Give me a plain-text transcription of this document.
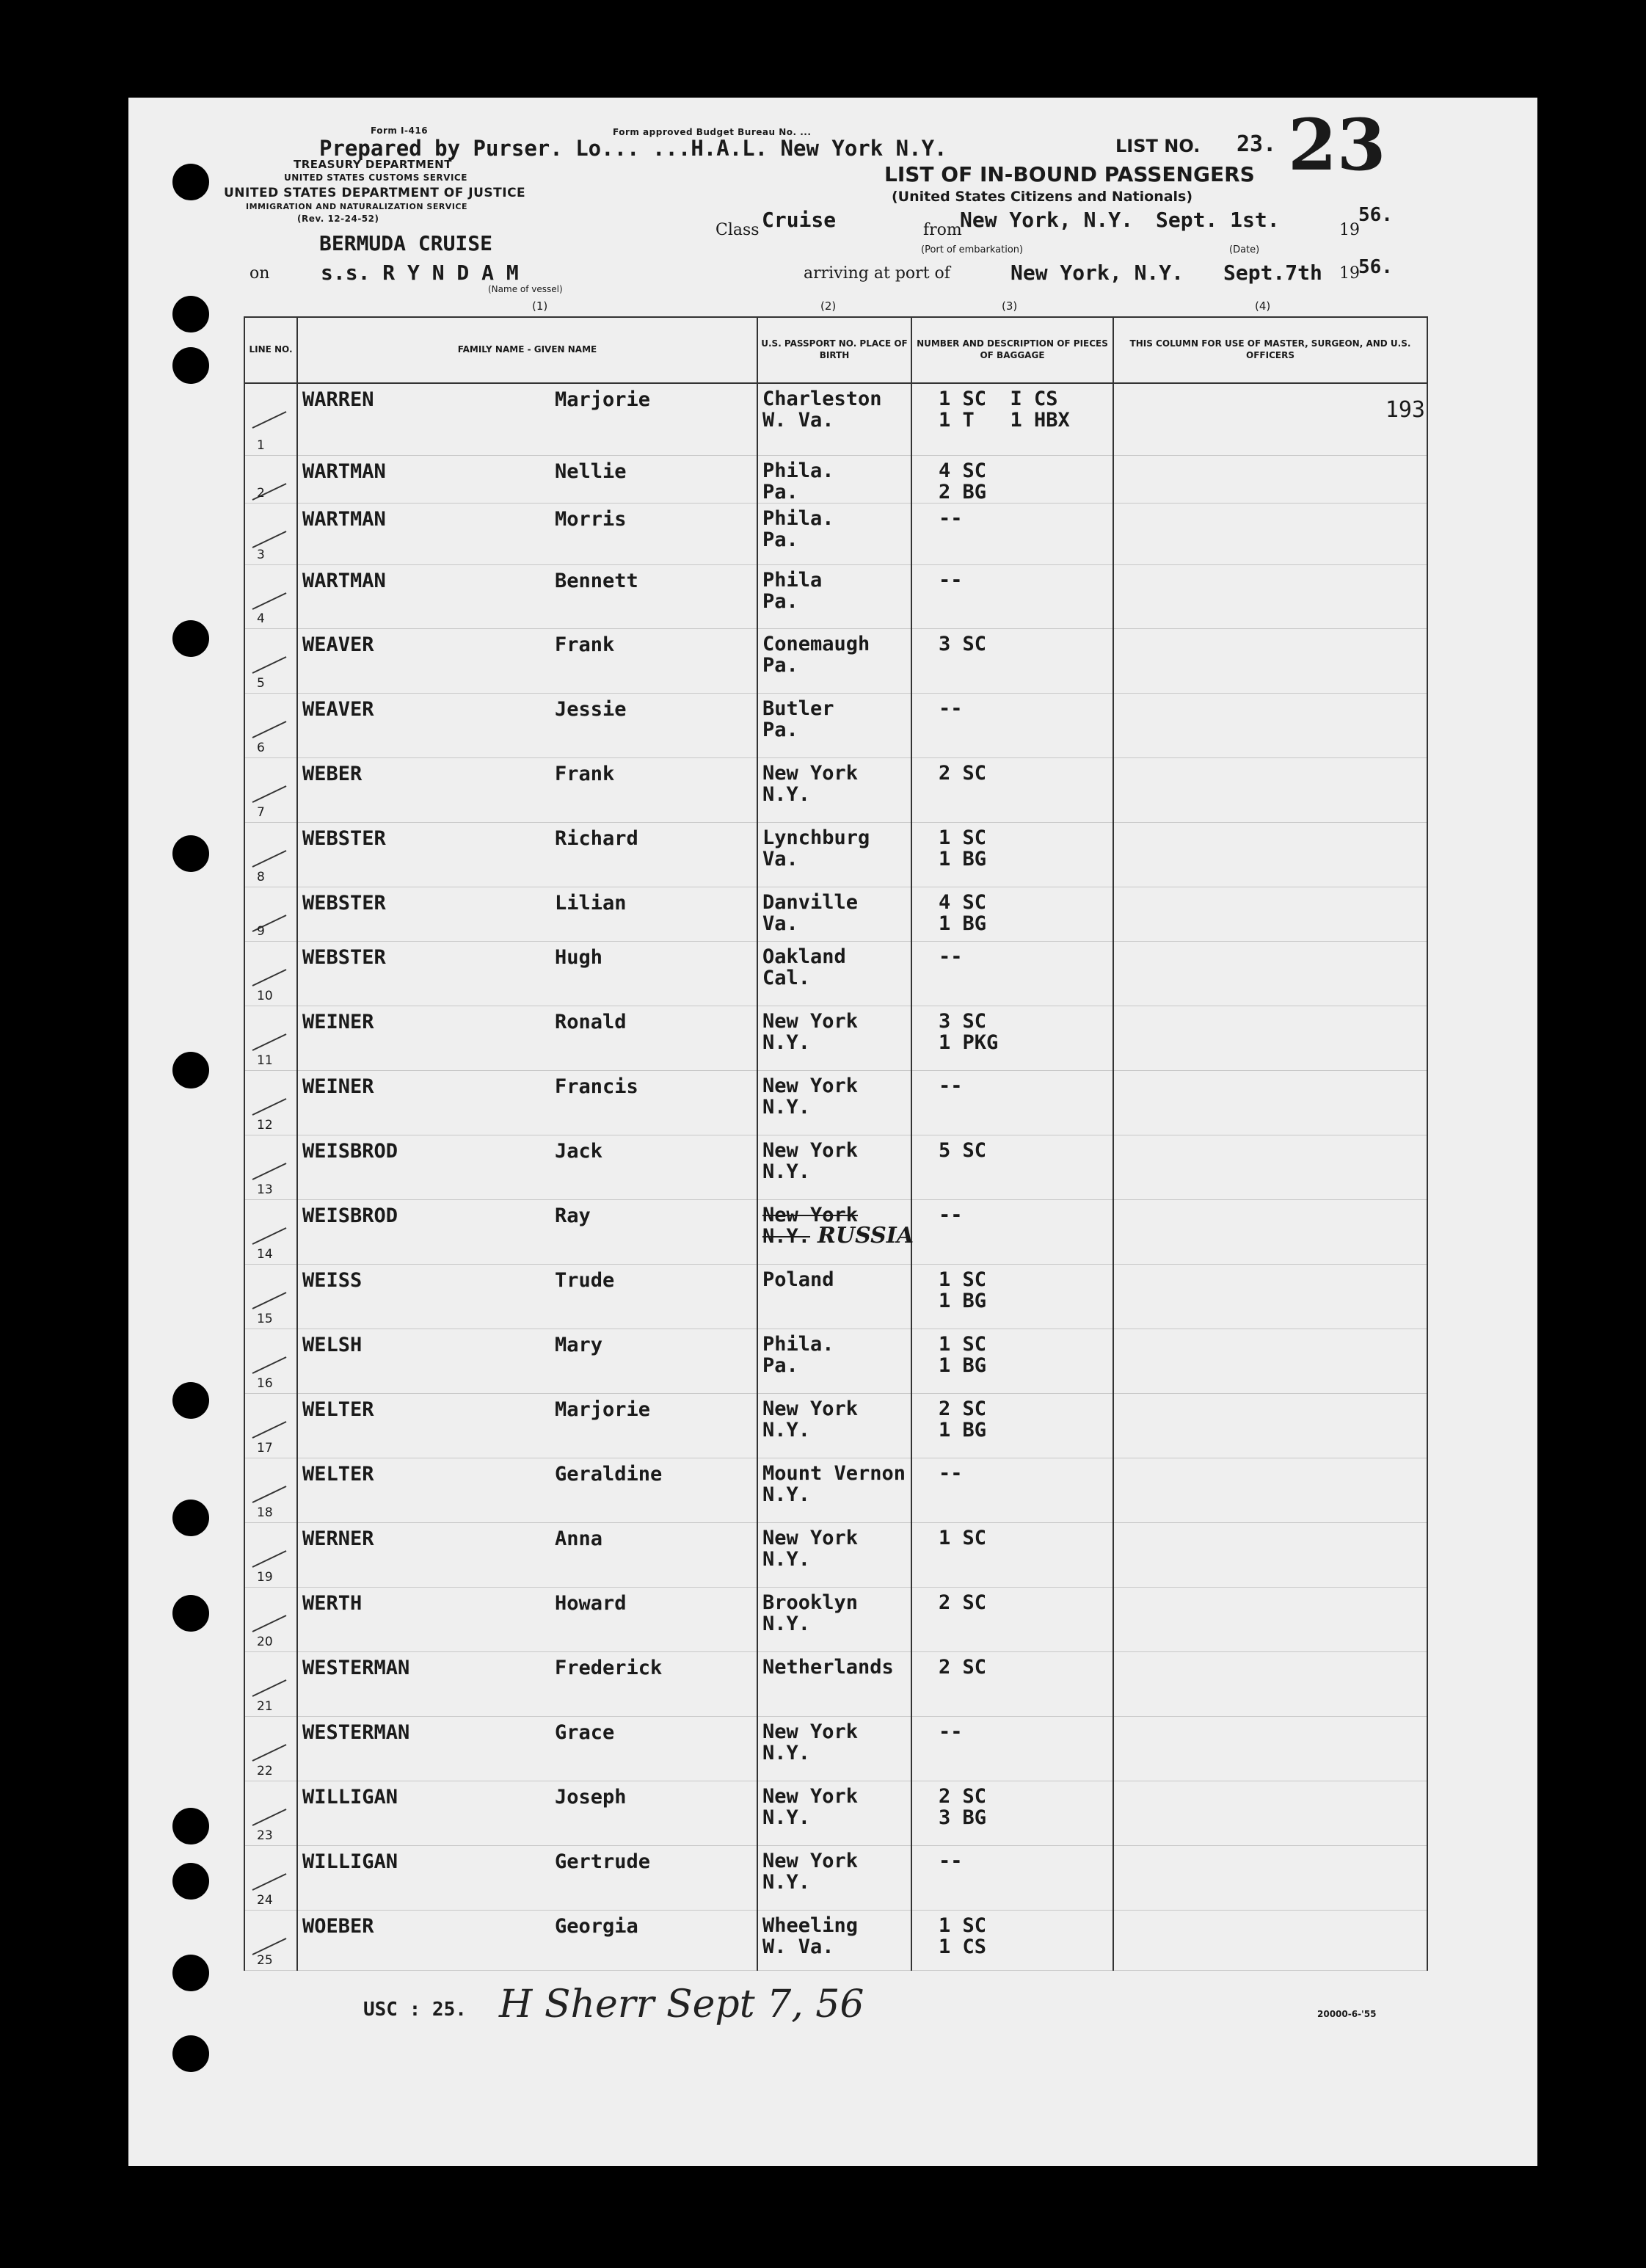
Prepared by Purser. Lo... ...H.A.L. New York N.Y.
Form I-416	Form approved Budget Bureau No. ...
TREASURY DEPARTMENT
UNITED STATES CUSTOMS SERVICE
UNITED STATES DEPARTMENT OF JUSTICE
IMMIGRATION AND NATURALIZATION SERVICE
(Rev. 12-24-52)
LIST NO. 23. 23
LIST OF IN-BOUND PASSENGERS
(United States Citizens and Nationals)
BERMUDA CRUISE
Class Cruise	from
New York, N.Y. Sept. 1st.	19
56.
(Port of embarkation)	(Date)
on s.s. R Y N D A M
(Name of vessel)
arriving at port of	New York, N.Y. Sept.7th 19
56.
(1)	(2)	(3)	(4)
LINE NO.	FAMILY NAME - GIVEN NAME	U.S. PASSPORT NO. PLACE OF BIRTH	NUMBER AND DESCRIPTION OF PIECES OF BAGGAGE	THIS COLUMN FOR USE OF MASTER, SURGEON, AND U.S. OFFICERS

1	WARREN Marjorie	Charleston
W. Va.	1 SC  I CS
1 T   1 HBX	193

2	WARTMAN Nellie	Phila.
Pa.	4 SC
2 BG	

3	WARTMAN Morris	Phila.
Pa.	--	

4	WARTMAN Bennett	Phila
Pa.	--	

5	WEAVER Frank	Conemaugh
Pa.	3 SC	

6	WEAVER Jessie	Butler
Pa.	--	

7	WEBER Frank	New York
N.Y.	2 SC	

8	WEBSTER Richard	Lynchburg
Va.	1 SC
1 BG	

9	WEBSTER Lilian	Danville
Va.	4 SC
1 BG	

10	WEBSTER Hugh	Oakland
Cal.	--	

11	WEINER Ronald	New York
N.Y.	3 SC
1 PKG	

12	WEINER Francis	New York
N.Y.	--	

13	WEISBROD Jack	New York
N.Y.	5 SC	

14	WEISBROD Ray	New York
N.Y. RUSSIA	--	

15	WEISS Trude	Poland	1 SC
1 BG	

16	WELSH Mary	Phila.
Pa.	1 SC
1 BG	

17	WELTER Marjorie	New York
N.Y.	2 SC
1 BG	

18	WELTER Geraldine	Mount Vernon
N.Y.	--	

19	WERNER Anna	New York
N.Y.	1 SC	

20	WERTH Howard	Brooklyn
N.Y.	2 SC	

21	WESTERMAN Frederick	Netherlands	2 SC	

22	WESTERMAN Grace	New York
N.Y.	--	

23	WILLIGAN Joseph	New York
N.Y.	2 SC
3 BG	

24	WILLIGAN Gertrude	New York
N.Y.	--	

25	WOEBER Georgia	Wheeling
W. Va.	1 SC
1 CS	

USC : 25. H Sherr Sept 7, 56	20000-6-'55
